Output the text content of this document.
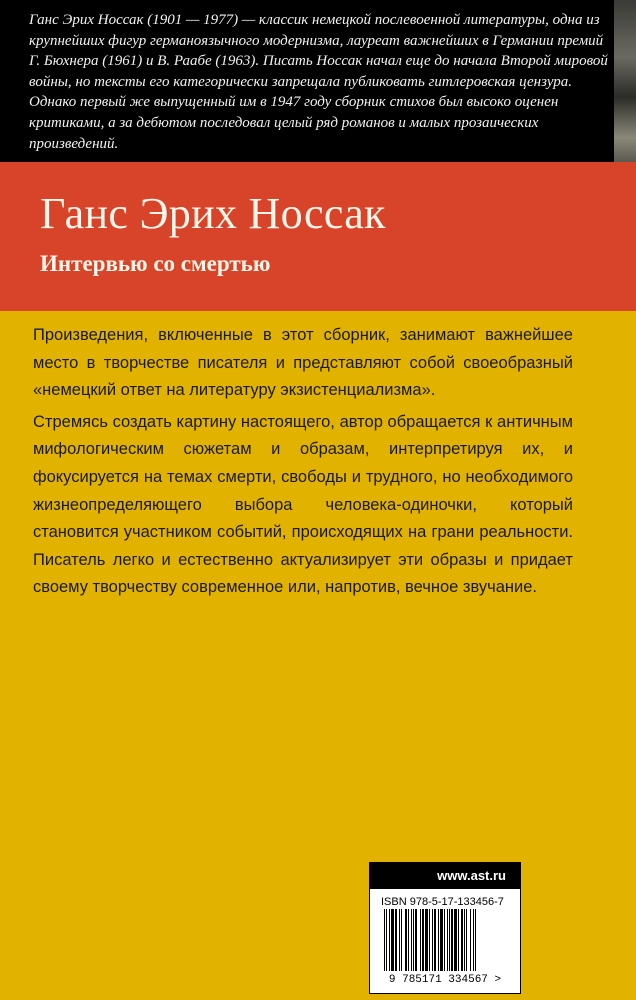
Ганс Эрих Носсак (1901 — 1977) — классик немецкой послевоенной литературы, одна из крупнейших фигур германоязычного модернизма, лауреат важнейших в Германии премий Г. Бюхнера (1961) и В. Раабе (1963). Писать Носсак начал еще до начала Второй мировой войны, но тексты его категорически запрещала публиковать гитлеровская цензура. Однако первый же выпущенный им в 1947 году сборник стихов был высоко оценен критиками, а за дебютом последовал целый ряд романов и малых прозаических произведений.

Ганс Эрих Носсак
Интервью со смертью

Произведения, включенные в этот сборник, занимают важнейшее место в творчестве писателя и представляют собой своеобразный «немецкий ответ на литературу экзистенциализма».

Стремясь создать картину настоящего, автор обращается к античным мифологическим сюжетам и образам, интерпретируя их, и фокусируется на темах смерти, свободы и трудного, но необходимого жизнеопределяющего выбора человека-одиночки, который становится участником событий, происходящих на грани реальности. Писатель легко и естественно актуализирует эти образы и придает своему творчеству современное или, напротив, вечное звучание.

www.ast.ru
ISBN 978-5-17-133456-7
9 785171 334567 >
